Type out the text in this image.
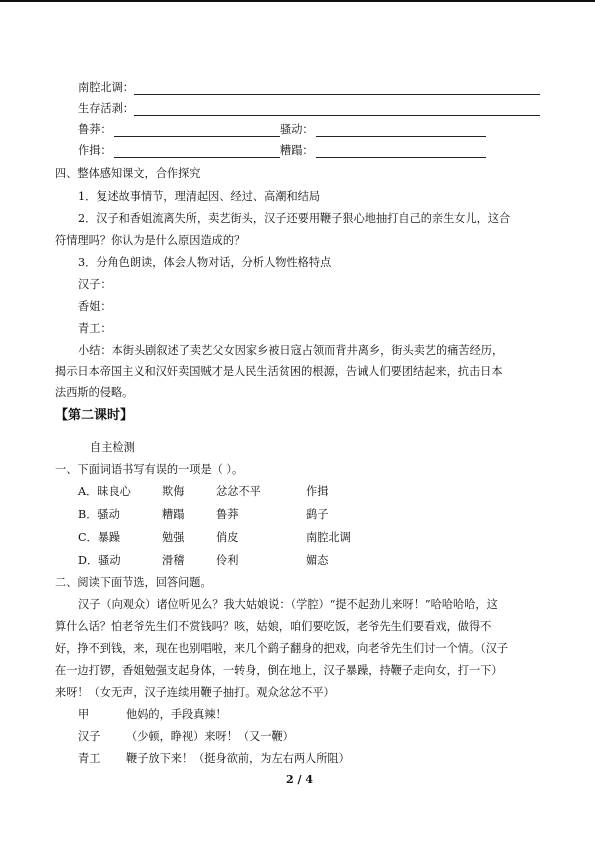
南腔北调：
生存活剥：
鲁莽：	骚动：
作揖：	糟蹋：
四、整体感知课文，合作探究
1．复述故事情节，理清起因、经过、高潮和结局
2．汉子和香姐流离失所，卖艺街头，汉子还要用鞭子狠心地抽打自己的亲生女儿，这合
符情理吗？你认为是什么原因造成的？
3．分角色朗读，体会人物对话，分析人物性格特点
汉子：
香姐：
青工：
小结：本街头剧叙述了卖艺父女因家乡被日寇占领而背井离乡，街头卖艺的痛苦经历，
揭示日本帝国主义和汉奸卖国贼才是人民生活贫困的根源，告诫人们要团结起来，抗击日本
法西斯的侵略。
【第二课时】
自主检测
一、下面词语书写有误的一项是（ ）。
A．昧良心	欺侮	忿忿不平	作揖
B．骚动	糟蹋	鲁莽	鹞子
C．暴躁	勉强	俏皮	南腔北调
D．骚动	滑稽	伶利	媚态
二、阅读下面节选，回答问题。
汉子（向观众）诸位听见么？我大姑娘说：（学腔）“提不起劲儿来呀！”哈哈哈哈，这
算什么话？怕老爷先生们不赏钱吗？咳，姑娘，咱们要吃饭，老爷先生们要看戏，做得不
好，挣不到钱，来，现在也别唱啦，来几个鹞子翻身的把戏，向老爷先生们讨一个情。（汉子
在一边打锣，香姐勉强支起身体，一转身，倒在地上，汉子暴躁，持鞭子走向女，打一下）
来呀！（女无声，汉子连续用鞭子抽打。观众忿忿不平）
甲	他妈的，手段真辣！
汉子 （少顿，睁视）来呀！（又一鞭）
青工 鞭子放下来！（挺身欲前，为左右两人所阻）
2 / 4
